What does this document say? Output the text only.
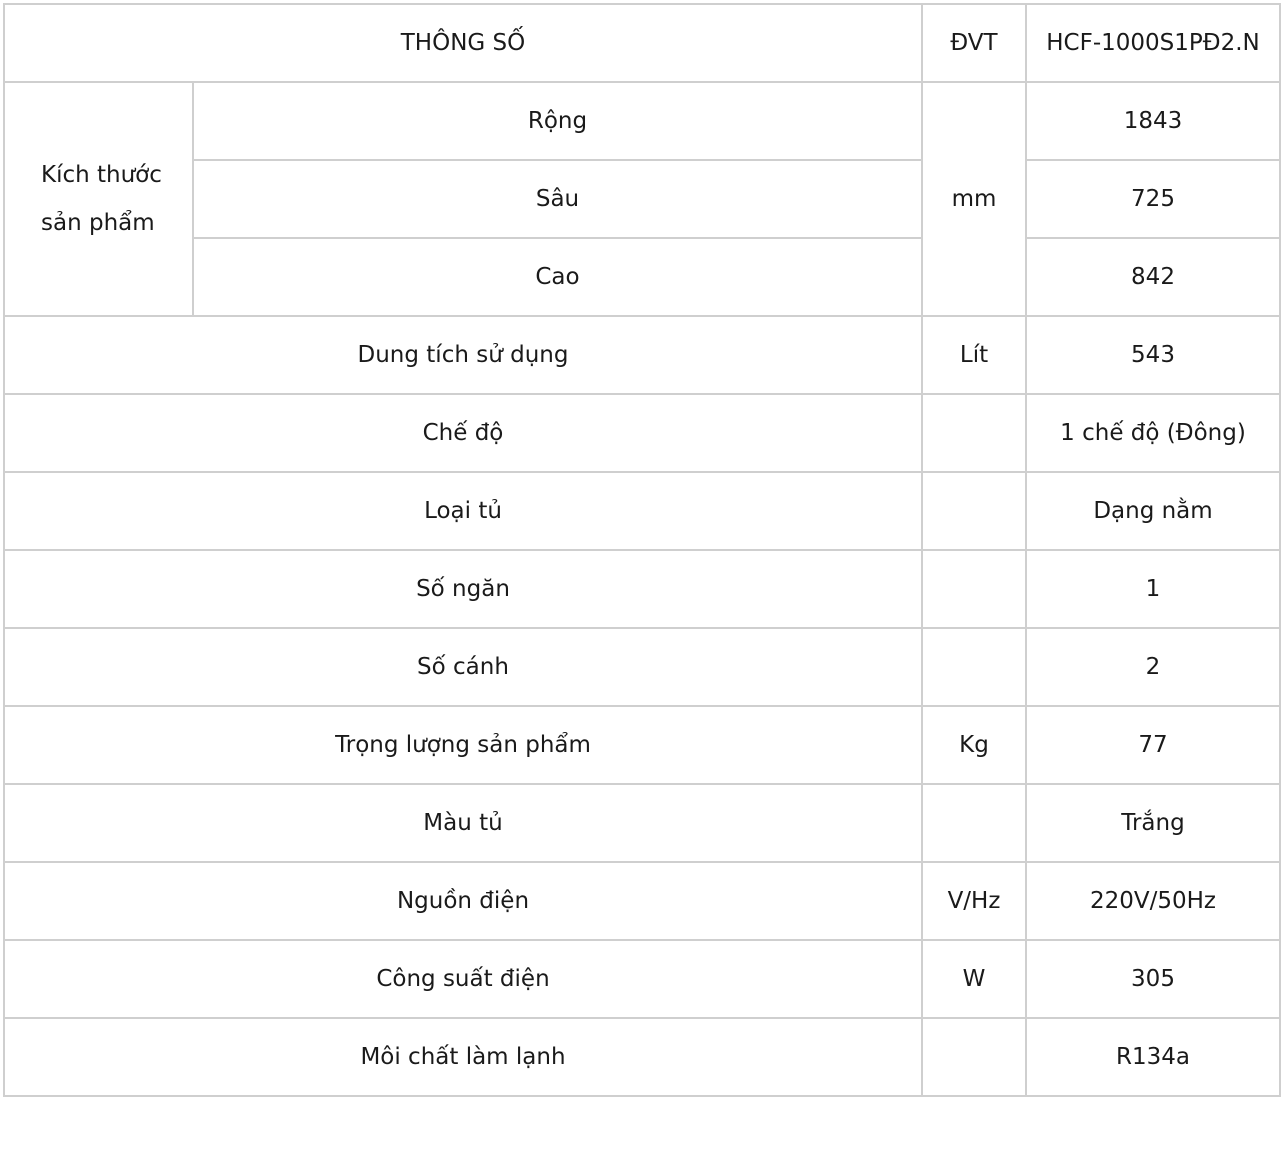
THÔNG SỐ		ĐVT	HCF-1000S1PĐ2.N
Kích thước
sản phẩm	Rộng	mm	1843
	Sâu		725
	Cao		842
Dung tích sử dụng		Lít	543
Chế độ			1 chế độ (Đông)
Loại tủ			Dạng nằm
Số ngăn			1
Số cánh			2
Trọng lượng sản phẩm		Kg	77
Màu tủ			Trắng
Nguồn điện		V/Hz	220V/50Hz
Công suất điện		W	305
Môi chất làm lạnh			R134a
